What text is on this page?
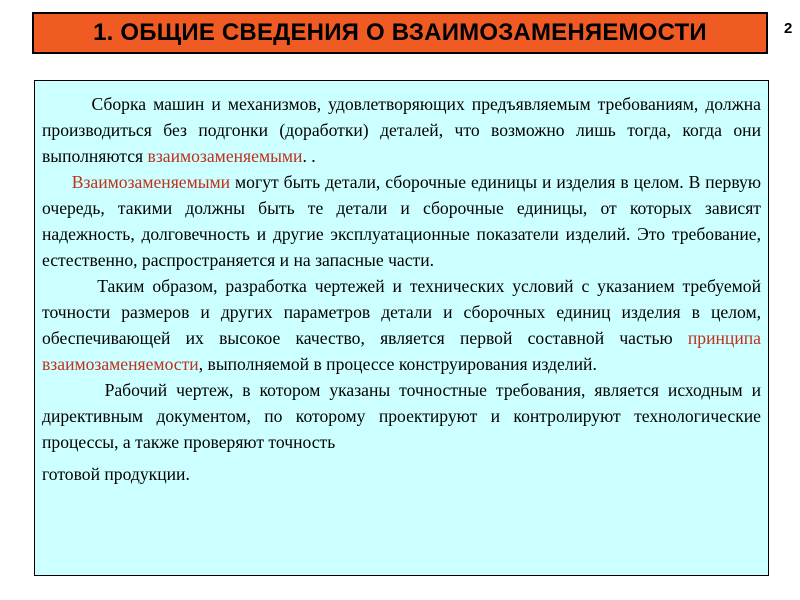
1. ОБЩИЕ СВЕДЕНИЯ О ВЗАИМОЗАМЕНЯЕМОСТИ	2

Сборка машин и механизмов, удовлетворяющих предъявляемым требованиям, должна производиться без подгонки (доработки) деталей, что возможно лишь тогда, когда они выполняются взаимозаменяемыми. .

Взаимозаменяемыми могут быть детали, сборочные единицы и изделия в целом. В первую очередь, такими должны быть те детали и сборочные единицы, от которых зависят надежность, долговечность и другие эксплуатационные показатели изделий. Это требование, естественно, распространяется и на запасные части.

Таким образом, разработка чертежей и технических условий с указанием требуемой точности размеров и других параметров детали и сборочных единиц изделия в целом, обеспечивающей их высокое качество, является первой составной частью принципа взаимозаменяемости, выполняемой в процессе конструирования изделий.

Рабочий чертеж, в котором указаны точностные требования, является исходным и директивным документом, по которому проектируют и контролируют технологические процессы, а также проверяют точность
готовой продукции.
